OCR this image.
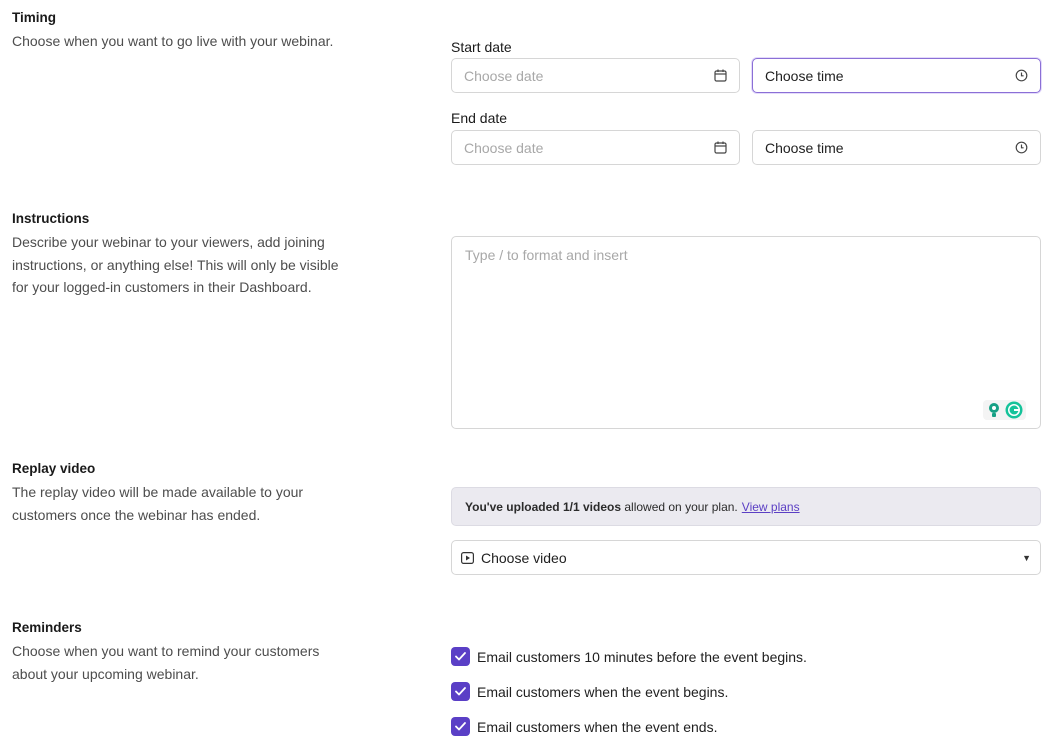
Timing
Choose when you want to go live with your webinar.	Start date
Choose date	Choose time
End date
Choose date	Choose time
Instructions
Describe your webinar to your viewers, add joining instructions, or anything else! This will only be visible for your logged-in customers in their Dashboard.
Type / to format and insert
Replay video
The replay video will be made available to your customers once the webinar has ended.	You've uploaded 1/1 videos allowed on your plan. View plans
Choose video	▼
Reminders
Choose when you want to remind your customers about your upcoming webinar.
Email customers 10 minutes before the event begins.
Email customers when the event begins.
Email customers when the event ends.
